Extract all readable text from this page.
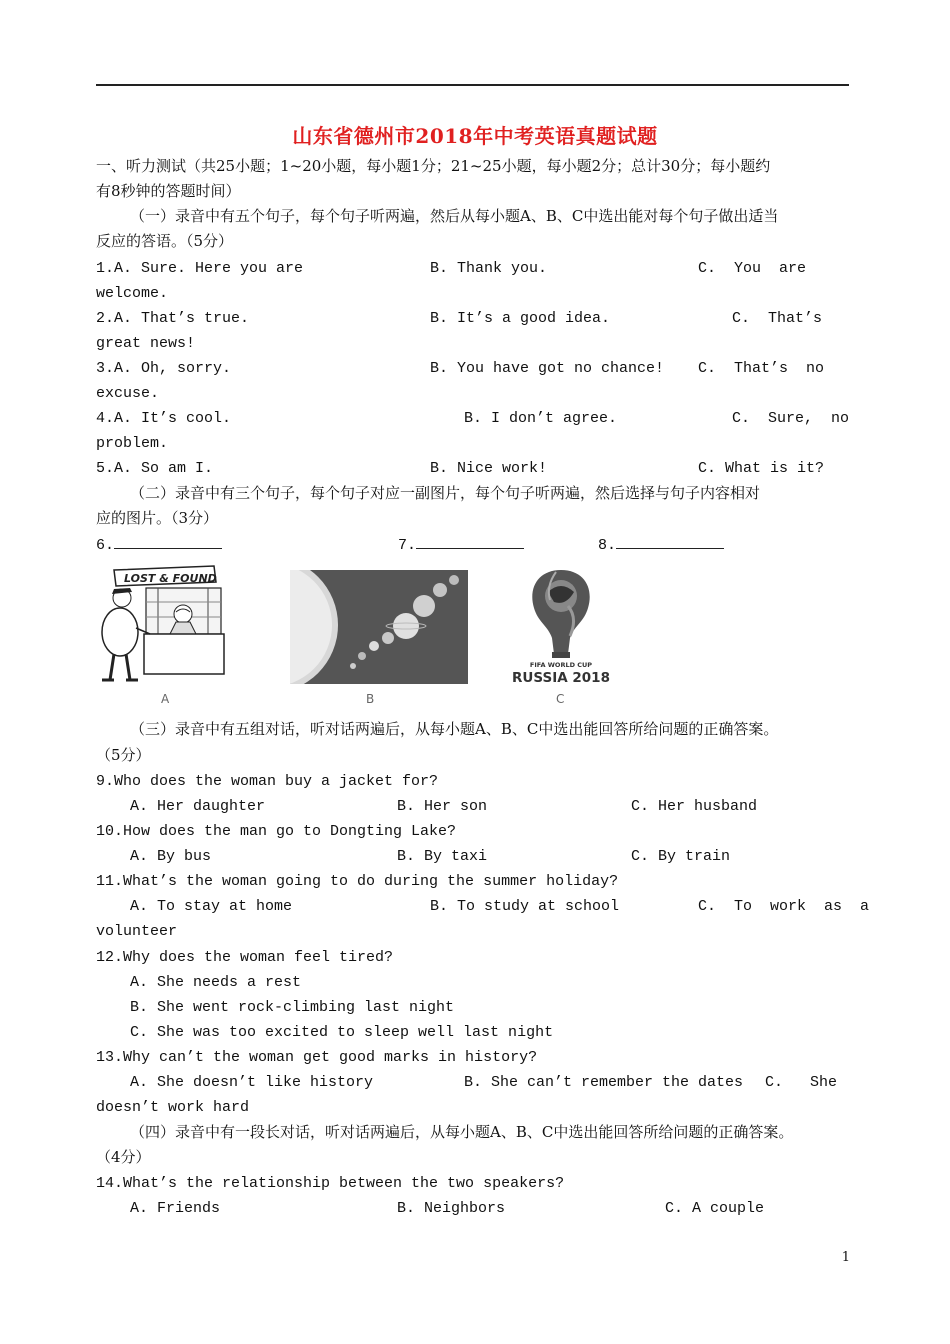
山东省德州市2018年中考英语真题试题
一、听力测试（共25小题；1~20小题，每小题1分；21~25小题，每小题2分；总计30分；每小题约
有8秒钟的答题时间）
（一）录音中有五个句子，每个句子听两遍，然后从每小题A、B、C中选出能对每个句子做出适当
反应的答语。（5分）
1.A. Sure. Here you are	B. Thank you.	C.  You  are
welcome.
2.A. That’s true.	B. It’s a good idea.	C.  That’s
great news!
3.A. Oh, sorry.	B. You have got no chance! C.  That’s  no
excuse.
4.A. It’s cool.	B. I don’t agree.	C.  Sure,  no
problem.
5.A. So am I.	B. Nice work!	C. What is it?
（二）录音中有三个句子，每个句子对应一副图片，每个句子听两遍，然后选择与句子内容相对
应的图片。（3分）
6.	7.	8.
LOST & FOUND
A	B
FIFA WORLD CUP
RUSSIA 2018
C
（三）录音中有五组对话，听对话两遍后，从每小题A、B、C中选出能回答所给问题的正确答案。
（5分）
9.Who does the woman buy a jacket for?
A. Her daughter	B. Her son	C. Her husband
10.How does the man go to Dongting Lake?
A. By bus	B. By taxi	C. By train
11.What’s the woman going to do during the summer holiday?
A. To stay at home	B. To study at school	C.  To  work  as  a
volunteer
12.Why does the woman feel tired?
A. She needs a rest
B. She went rock-climbing last night
C. She was too excited to sleep well last night
13.Why can’t the woman get good marks in history?
A. She doesn’t like history	B. She can’t remember the dates C.   She
doesn’t work hard
（四）录音中有一段长对话，听对话两遍后，从每小题A、B、C中选出能回答所给问题的正确答案。
（4分）
14.What’s the relationship between the two speakers?
A. Friends	B. Neighbors	C. A couple
1
